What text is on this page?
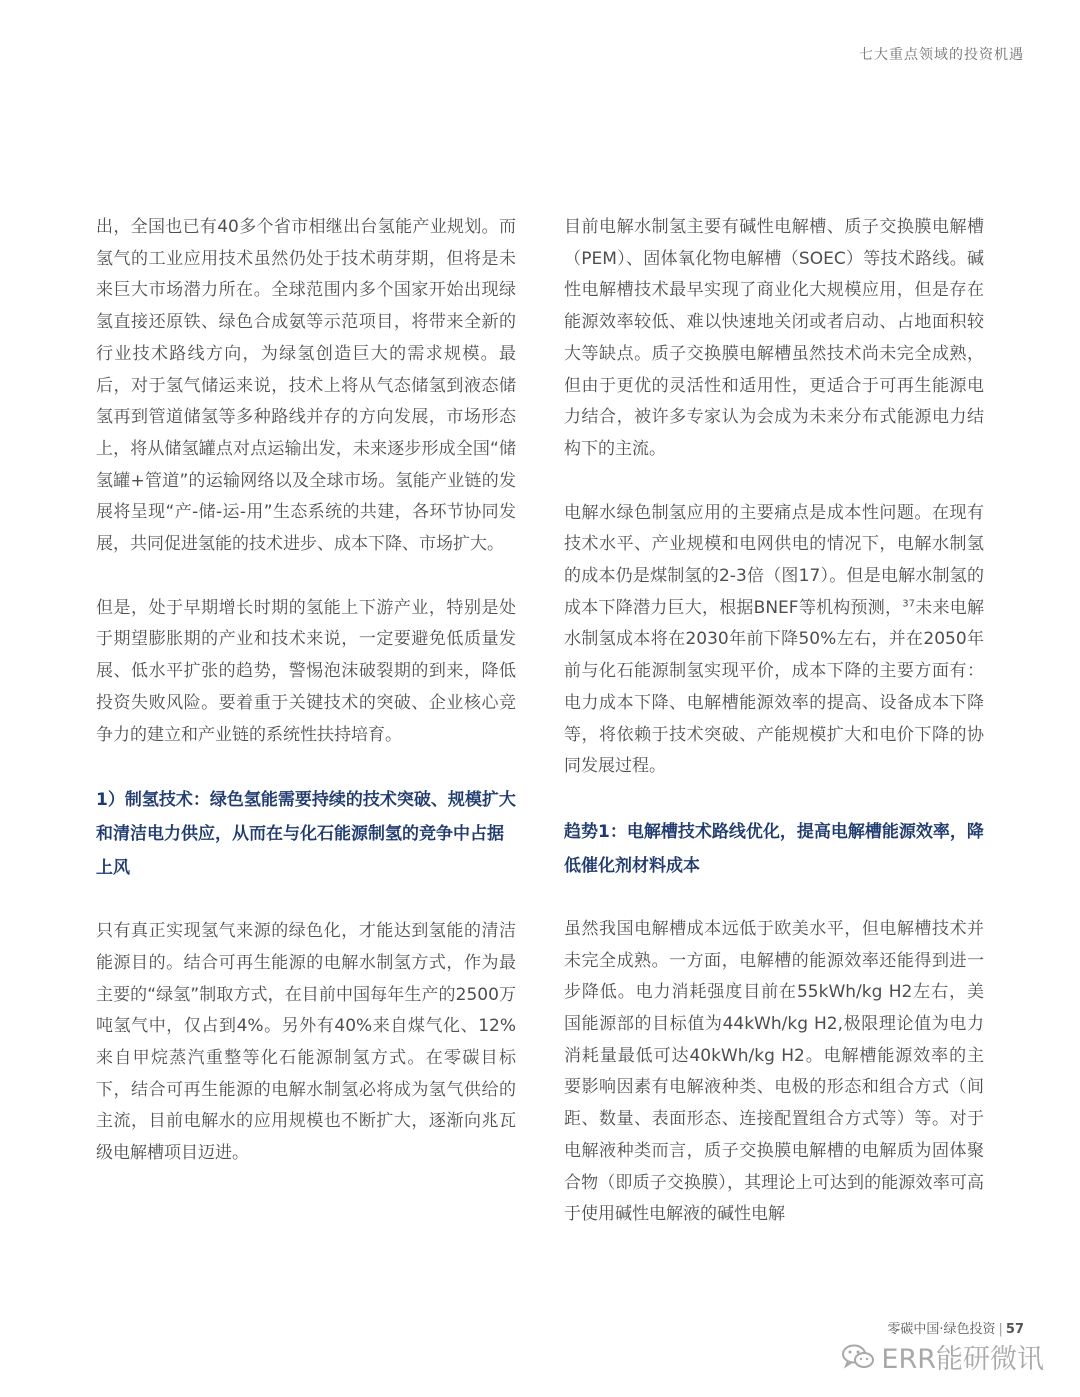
七大重点领域的投资机遇

出，全国也已有40多个省市相继出台氢能产业规划。而氢气的工业应用技术虽然仍处于技术萌芽期，但将是未来巨大市场潜力所在。全球范围内多个国家开始出现绿氢直接还原铁、绿色合成氨等示范项目，将带来全新的行业技术路线方向，为绿氢创造巨大的需求规模。最后，对于氢气储运来说，技术上将从气态储氢到液态储氢再到管道储氢等多种路线并存的方向发展，市场形态上，将从储氢罐点对点运输出发，未来逐步形成全国“储氢罐+管道”的运输网络以及全球市场。氢能产业链的发展将呈现“产-储-运-用”生态系统的共建，各环节协同发展，共同促进氢能的技术进步、成本下降、市场扩大。

但是，处于早期增长时期的氢能上下游产业，特别是处于期望膨胀期的产业和技术来说，一定要避免低质量发展、低水平扩张的趋势，警惕泡沫破裂期的到来，降低投资失败风险。要着重于关键技术的突破、企业核心竞争力的建立和产业链的系统性扶持培育。

1）制氢技术：绿色氢能需要持续的技术突破、规模扩大和清洁电力供应，从而在与化石能源制氢的竞争中占据上风

只有真正实现氢气来源的绿色化，才能达到氢能的清洁能源目的。结合可再生能源的电解水制氢方式，作为最主要的“绿氢”制取方式，在目前中国每年生产的2500万吨氢气中，仅占到4%。另外有40%来自煤气化、12%来自甲烷蒸汽重整等化石能源制氢方式。在零碳目标下，结合可再生能源的电解水制氢必将成为氢气供给的主流，目前电解水的应用规模也不断扩大，逐渐向兆瓦级电解槽项目迈进。

目前电解水制氢主要有碱性电解槽、质子交换膜电解槽（PEM）、固体氧化物电解槽（SOEC）等技术路线。碱性电解槽技术最早实现了商业化大规模应用，但是存在能源效率较低、难以快速地关闭或者启动、占地面积较大等缺点。质子交换膜电解槽虽然技术尚未完全成熟，但由于更优的灵活性和适用性，更适合于可再生能源电力结合，被许多专家认为会成为未来分布式能源电力结构下的主流。

电解水绿色制氢应用的主要痛点是成本性问题。在现有技术水平、产业规模和电网供电的情况下，电解水制氢的成本仍是煤制氢的2-3倍（图17）。但是电解水制氢的成本下降潜力巨大，根据BNEF等机构预测，$^{37}$未来电解水制氢成本将在2030年前下降50%左右，并在2050年前与化石能源制氢实现平价，成本下降的主要方面有：电力成本下降、电解槽能源效率的提高、设备成本下降等，将依赖于技术突破、产能规模扩大和电价下降的协同发展过程。

趋势1：电解槽技术路线优化，提高电解槽能源效率，降低催化剂材料成本

虽然我国电解槽成本远低于欧美水平，但电解槽技术并未完全成熟。一方面，电解槽的能源效率还能得到进一步降低。电力消耗强度目前在55kWh/kg H2左右，美国能源部的目标值为44kWh/kg H2,极限理论值为电力消耗量最低可达40kWh/kg H2。电解槽能源效率的主要影响因素有电解液种类、电极的形态和组合方式（间距、数量、表面形态、连接配置组合方式等）等。对于电解液种类而言，质子交换膜电解槽的电解质为固体聚合物（即质子交换膜），其理论上可达到的能源效率可高于使用碱性电解液的碱性电解

零碳中国·绿色投资 | 57
ERR能研微讯
